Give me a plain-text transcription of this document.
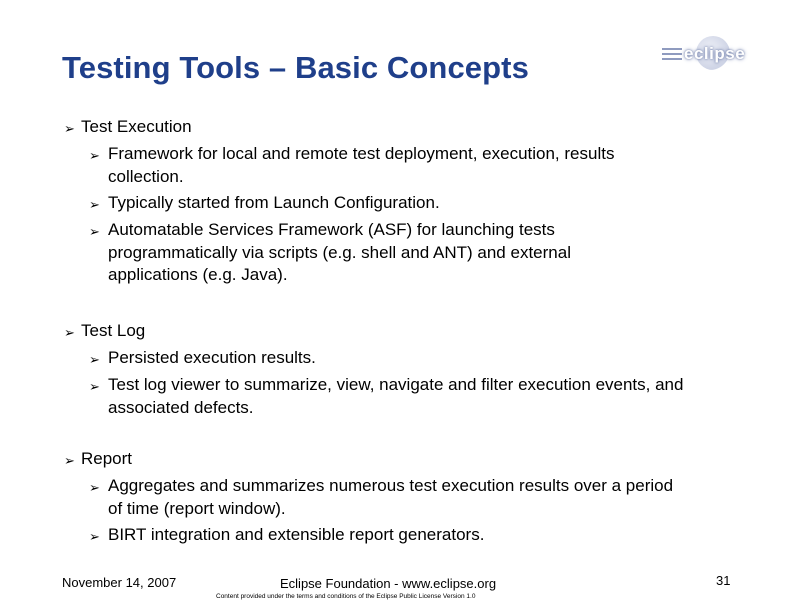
Testing Tools – Basic Concepts	eclipse
➢ Test Execution
➢ Framework for local and remote test deployment, execution, results collection.
➢ Typically started from Launch Configuration.
➢ Automatable Services Framework (ASF) for launching tests programmatically via scripts (e.g. shell and ANT) and external applications (e.g. Java).
➢ Test Log
➢ Persisted execution results.
➢ Test log viewer to summarize, view, navigate and filter execution events, and associated defects.
➢ Report
➢ Aggregates and summarizes numerous test execution results over a period of time (report window).
➢ BIRT integration and extensible report generators.
November 14, 2007	Eclipse Foundation - www.eclipse.org
Content provided under the terms and conditions of the Eclipse Public License Version 1.0
31
